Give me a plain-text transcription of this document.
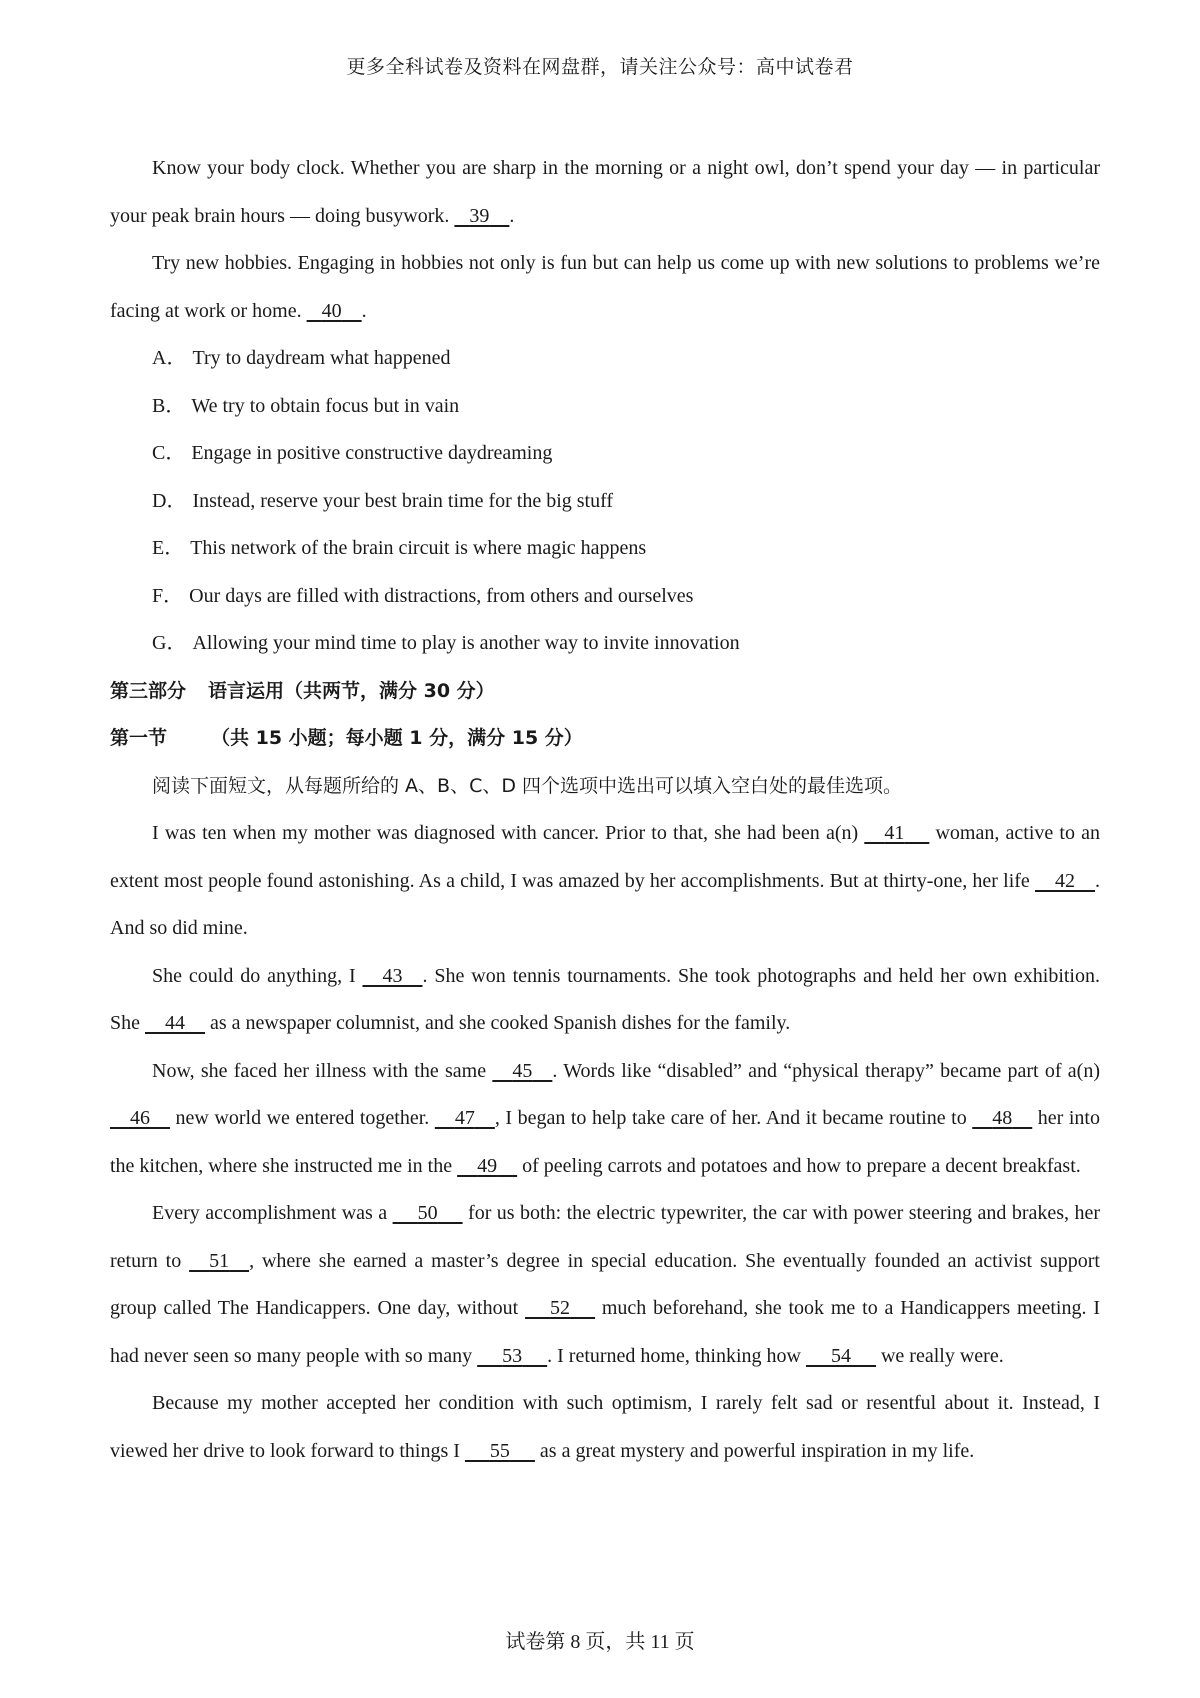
更多全科试卷及资料在网盘群，请关注公众号：高中试卷君

Know your body clock. Whether you are sharp in the morning or a night owl, don’t spend your day — in particular your peak brain hours — doing busywork.    39 .

Try new hobbies. Engaging in hobbies not only is fun but can help us come up with new solutions to problems we’re facing at work or home.    40 .

A． Try to daydream what happened

B． We try to obtain focus but in vain

C． Engage in positive constructive daydreaming

D． Instead, reserve your best brain time for the big stuff

E． This network of the brain circuit is where magic happens

F． Our days are filled with distractions, from others and ourselves

G． Allowing your mind time to play is another way to invite innovation

第三部分 语言运用（共两节，满分 30 分）

第一节 （共 15 小题；每小题 1 分，满分 15 分）

阅读下面短文，从每题所给的 A、B、C、D 四个选项中选出可以填入空白处的最佳选项。

I was ten when my mother was diagnosed with cancer. Prior to that, she had been a(n)     41      woman, active to an extent most people found astonishing. As a child, I was amazed by her accomplishments. But at thirty-one, her life     42 . And so did mine.

She could do anything, I     43 . She won tennis tournaments. She took photographs and held her own exhibition. She     44     as a newspaper columnist, and she cooked Spanish dishes for the family.

Now, she faced her illness with the same     45 . Words like “disabled” and “physical therapy” became part of a(n)     46     new world we entered together.     47 , I began to help take care of her. And it became routine to     48     her into the kitchen, where she instructed me in the     49     of peeling carrots and potatoes and how to prepare a decent breakfast.

Every accomplishment was a      50      for us both: the electric typewriter, the car with power steering and brakes, her return to     51 , where she earned a master’s degree in special education. She eventually founded an activist support group called The Handicappers. One day, without      52      much beforehand, she took me to a Handicappers meeting. I had never seen so many people with so many      53 . I returned home, thinking how      54      we really were.

Because my mother accepted her condition with such optimism, I rarely felt sad or resentful about it. Instead, I viewed her drive to look forward to things I      55      as a great mystery and powerful inspiration in my life.

试卷第 8 页，共 11 页
